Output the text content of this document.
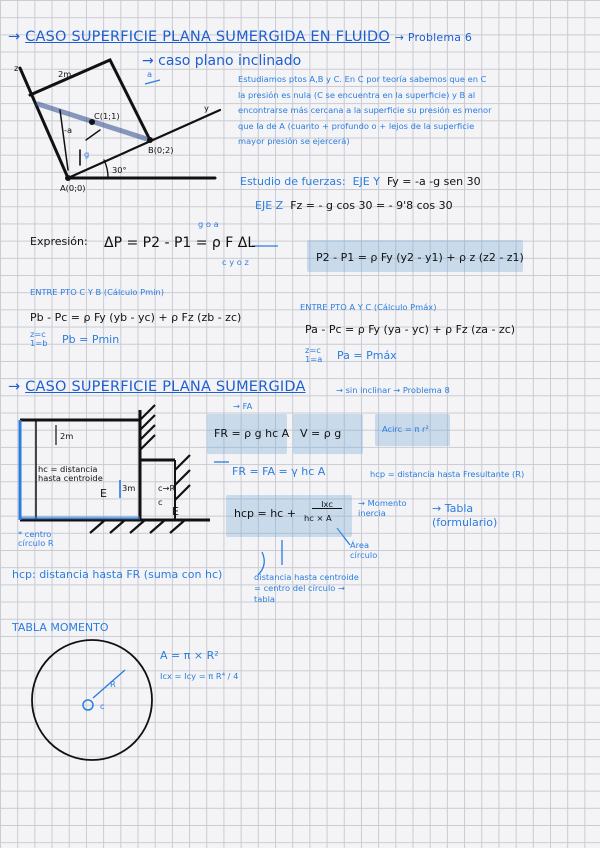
→ CASO SUPERFICIE PLANA SUMERGIDA EN FLUIDO → Problema 6
→ caso plano inclinado
Estudiamos ptos A,B y C. En C por teoría sabemos que en C
la presión es nula (C se encuentra en la superficie) y B al
encontrarse más cercana a la superficie su presión es menor
que la de A (cuanto + profundo o + lejos de la superficie
mayor presión se ejercerá)
Estudio de fuerzas: EJE Y Fy = -a -g sen 30
EJE Z Fz = - g cos 30 = - 9'8 cos 30
z
2m
y
a
C(1;1)
-a
g	B(0;2)
30°
A(0;0)
Expresión:
g o a
ΔP = P2 - P1 = ρ F ΔL
c y o z	P2 - P1 = ρ Fy (y2 - y1) + ρ z (z2 - z1)
ENTRE PTO C Y B (Cálculo Pmin)
Pb - Pc = ρ Fy (yb - yc) + ρ Fz (zb - zc)
z=c
1=b Pb = Pmin
ENTRE PTO A Y C (Cálculo Pmáx)
Pa - Pc = ρ Fy (ya - yc) + ρ Fz (za - zc)
z=c
1=a Pa = Pmáx
→ CASO SUPERFICIE PLANA SUMERGIDA	→ sin inclinar → Problema 8
→ FA
FR = ρ g hc A V = ρ g	Acirc = π r²
FR = FA = γ hc A	hcp = distancia hasta Fresultante (R)
hcp = hc +
Ixc
hc × A
→ Momento inercia	→ Tabla (formulario)
Área círculo
distancia hasta centroide = centro del círculo → tabla
hcp: distancia hasta FR (suma con hc)
2m
hc = distancia hasta centroide
E 3m	c→R
c
E
* centro círculo R
TABLA MOMENTO
A = π × R²
Icx = Icy = π R⁴ / 4
R
c
